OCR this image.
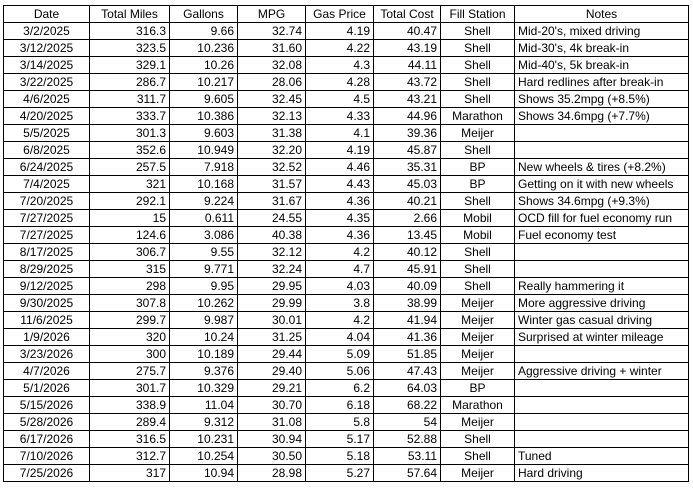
Date	Total Miles	Gallons	MPG	Gas Price	Total Cost	Fill Station	Notes
3/2/2025	316.3	9.66	32.74	4.19	40.47	Shell	Mid-20's, mixed driving
3/12/2025	323.5	10.236	31.60	4.22	43.19	Shell	Mid-30's, 4k break-in
3/14/2025	329.1	10.26	32.08	4.3	44.11	Shell	Mid-40's, 5k break-in
3/22/2025	286.7	10.217	28.06	4.28	43.72	Shell	Hard redlines after break-in
4/6/2025	311.7	9.605	32.45	4.5	43.21	Shell	Shows 35.2mpg (+8.5%)
4/20/2025	333.7	10.386	32.13	4.33	44.96	Marathon	Shows 34.6mpg (+7.7%)
5/5/2025	301.3	9.603	31.38	4.1	39.36	Meijer	
6/8/2025	352.6	10.949	32.20	4.19	45.87	Shell	
6/24/2025	257.5	7.918	32.52	4.46	35.31	BP	New wheels & tires (+8.2%)
7/4/2025	321	10.168	31.57	4.43	45.03	BP	Getting on it with new wheels
7/20/2025	292.1	9.224	31.67	4.36	40.21	Shell	Shows 34.6mpg (+9.3%)
7/27/2025	15	0.611	24.55	4.35	2.66	Mobil	OCD fill for fuel economy run
7/27/2025	124.6	3.086	40.38	4.36	13.45	Mobil	Fuel economy test
8/17/2025	306.7	9.55	32.12	4.2	40.12	Shell	
8/29/2025	315	9.771	32.24	4.7	45.91	Shell	
9/12/2025	298	9.95	29.95	4.03	40.09	Shell	Really hammering it
9/30/2025	307.8	10.262	29.99	3.8	38.99	Meijer	More aggressive driving
11/6/2025	299.7	9.987	30.01	4.2	41.94	Meijer	Winter gas casual driving
1/9/2026	320	10.24	31.25	4.04	41.36	Meijer	Surprised at winter mileage
3/23/2026	300	10.189	29.44	5.09	51.85	Meijer	
4/7/2026	275.7	9.376	29.40	5.06	47.43	Meijer	Aggressive driving + winter
5/1/2026	301.7	10.329	29.21	6.2	64.03	BP	
5/15/2026	338.9	11.04	30.70	6.18	68.22	Marathon	
5/28/2026	289.4	9.312	31.08	5.8	54	Meijer	
6/17/2026	316.5	10.231	30.94	5.17	52.88	Shell	
7/10/2026	312.7	10.254	30.50	5.18	53.11	Shell	Tuned
7/25/2026	317	10.94	28.98	5.27	57.64	Meijer	Hard driving
